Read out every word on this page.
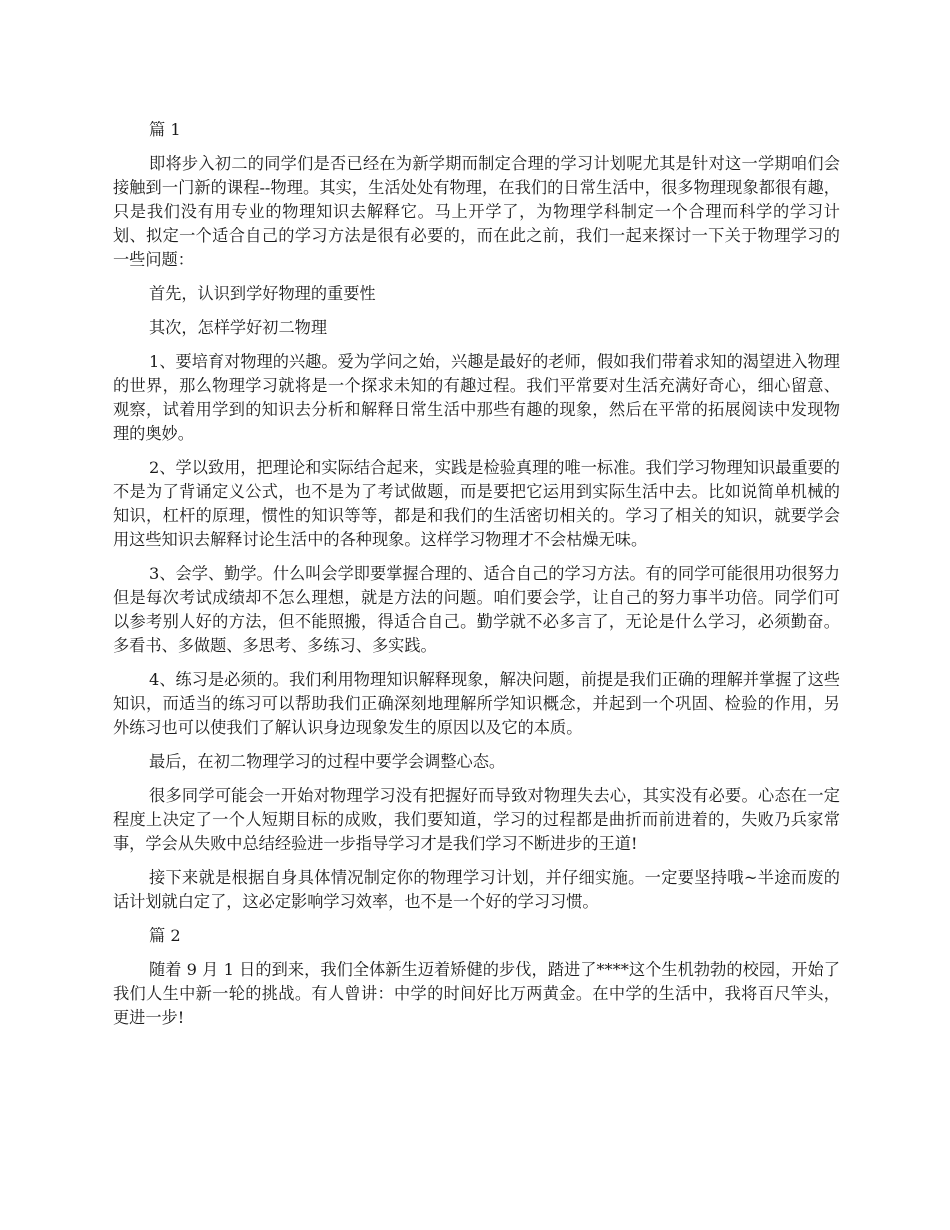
篇 1

即将步入初二的同学们是否已经在为新学期而制定合理的学习计划呢尤其是针对这一学期咱们会接触到一门新的课程--物理。其实，生活处处有物理，在我们的日常生活中，很多物理现象都很有趣，只是我们没有用专业的物理知识去解释它。马上开学了，为物理学科制定一个合理而科学的学习计划、拟定一个适合自己的学习方法是很有必要的，而在此之前，我们一起来探讨一下关于物理学习的一些问题：

首先，认识到学好物理的重要性

其次，怎样学好初二物理

1、要培育对物理的兴趣。爱为学问之始，兴趣是最好的老师，假如我们带着求知的渴望进入物理的世界，那么物理学习就将是一个探求未知的有趣过程。我们平常要对生活充满好奇心，细心留意、观察，试着用学到的知识去分析和解释日常生活中那些有趣的现象，然后在平常的拓展阅读中发现物理的奥妙。

2、学以致用，把理论和实际结合起来，实践是检验真理的唯一标准。我们学习物理知识最重要的不是为了背诵定义公式，也不是为了考试做题，而是要把它运用到实际生活中去。比如说简单机械的知识，杠杆的原理，惯性的知识等等，都是和我们的生活密切相关的。学习了相关的知识，就要学会用这些知识去解释讨论生活中的各种现象。这样学习物理才不会枯燥无味。

3、会学、勤学。什么叫会学即要掌握合理的、适合自己的学习方法。有的同学可能很用功很努力但是每次考试成绩却不怎么理想，就是方法的问题。咱们要会学，让自己的努力事半功倍。同学们可以参考别人好的方法，但不能照搬，得适合自己。勤学就不必多言了，无论是什么学习，必须勤奋。多看书、多做题、多思考、多练习、多实践。

4、练习是必须的。我们利用物理知识解释现象，解决问题，前提是我们正确的理解并掌握了这些知识，而适当的练习可以帮助我们正确深刻地理解所学知识概念，并起到一个巩固、检验的作用，另外练习也可以使我们了解认识身边现象发生的原因以及它的本质。

最后，在初二物理学习的过程中要学会调整心态。

很多同学可能会一开始对物理学习没有把握好而导致对物理失去心，其实没有必要。心态在一定程度上决定了一个人短期目标的成败，我们要知道，学习的过程都是曲折而前进着的，失败乃兵家常事，学会从失败中总结经验进一步指导学习才是我们学习不断进步的王道!

接下来就是根据自身具体情况制定你的物理学习计划，并仔细实施。一定要坚持哦~半途而废的话计划就白定了，这必定影响学习效率，也不是一个好的学习习惯。

篇 2

随着 9 月 1 日的到来，我们全体新生迈着矫健的步伐，踏进了****这个生机勃勃的校园，开始了我们人生中新一轮的挑战。有人曾讲：中学的时间好比万两黄金。在中学的生活中，我将百尺竿头，更进一步!
